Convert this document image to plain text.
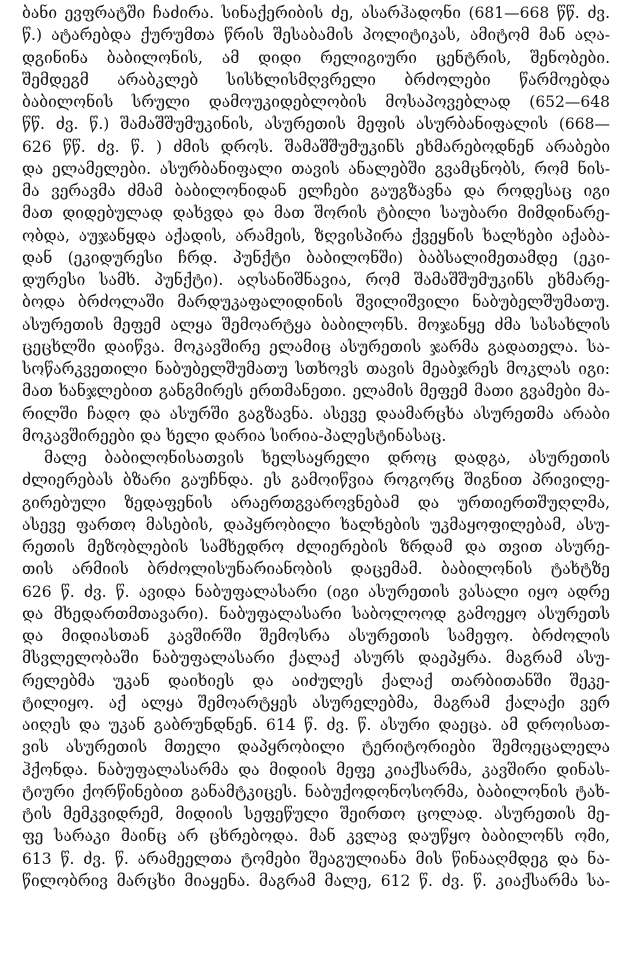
ბანი ევფრატში ჩაძირა. სინაქერიბის ძე, ასარჰადონი (681—668 წწ. ძვ.
წ.) ატარებდა ქურუმთა წრის შესაბამის პოლიტიკას, ამიტომ მან აღა-
დგინინა ბაბილონის, ამ დიდი რელიგიური ცენტრის, შენობები.
შემდეგმ არაბკლებ სისხლისმღვრელი ბრძოლები წარმოებდა
ბაბილონის სრული დამოუკიდებლობის მოსაპოვებლად (652—648
წწ. ძვ. წ.) შამაშშუმუკინის, ასურეთის მეფის ასურბანიფალის (668—
626 წწ. ძვ. წ. ) ძმის დროს. შამაშშუმუკინს ეხმარებოდნენ არაბები
და ელამელები. ასურბანიფალი თავის ანალებში გვამცნობს, რომ ნის-
მა ვერავმა ძმამ ბაბილონიდან ელჩები გაუგზავნა და როდესაც იგი
მათ დიდებულად დახვდა და მათ შორის ტბილი საუბარი მიმდინარე-
ობდა, აუჯანყდა აქადის, არამეის, ზღვისპირა ქვეყნის ხალხები აქაბა-
დან (ეკიდურესი ჩრდ. პუნქტი ბაბილონში) ბაბსალიმეთამდე (ეკი-
დურესი სამხ. პუნქტი). აღსანიშნავია, რომ შამაშშუმუკინს ეხმარე-
ბოდა ბრძოლაში მარდუკაფალიდინის შვილიშვილი ნაბუბელშუმათუ.
ასურეთის მეფემ ალყა შემოარტყა ბაბილონს. მოჯანყე ძმა სასახლის
ცეცხლში დაიწვა. მოკავშირე ელამიც ასურეთის ჯარმა გადათელა. სა-
სოწარკვეთილი ნაბუბელშუმათუ სთხოვს თავის მეაბჯრეს მოკლას იგი:
მათ ხანჯლებით განგმირეს ერთმანეთი. ელამის მეფემ მათი გვამები მა-
რილში ჩადო და ასურში გაგზავნა. ასევე დაამარცხა ასურეთმა არაბი
მოკავშირეები და ხელი დარია სირია-პალესტინასაც.
მალე ბაბილონისათვის ხელსაყრელი დროც დადგა, ასურეთის
ძლიერებას ბზარი გაუჩნდა. ეს გამოიწვია როგორც შიგნით პრივილე-
გირებული ზედაფენის არაერთგვაროვნებამ და ურთიერთშუღლმა,
ასევე ფართო მასების, დაპყრობილი ხალხების უკმაყოფილებამ, ასუ-
რეთის მეზობლების სამხედრო ძლიერების ზრდამ და თვით ასურე-
თის არმიის ბრძოლისუნარიანობის დაცემამ. ბაბილონის ტახტზე
626 წ. ძვ. წ. ავიდა ნაბუფალასარი (იგი ასურეთის ვასალი იყო ადრე
და მხედართმთავარი). ნაბუფალასარი საბოლოოდ გამოეყო ასურეთს
და მიდიასთან კავშირში შემოსრა ასურეთის სამეფო. ბრძოლის
მსვლელობაში ნაბუფალასარი ქალაქ ასურს დაეპყრა. მაგრამ ასუ-
რელებმა უკან დაიხიეს და აიძულეს ქალაქ თარბითანში შეკე-
ტილიყო. აქ ალყა შემოარტყეს ასურელებმა, მაგრამ ქალაქი ვერ
აიღეს და უკან გაბრუნდნენ. 614 წ. ძვ. წ. ასური დაეცა. ამ დროისათ-
ვის ასურეთის მთელი დაპყრობილი ტერიტორიები შემოეცალელა
ჰქონდა. ნაბუფალასარმა და მიდიის მეფე კიაქსარმა, კავშირი დინას-
ტიური ქორწინებით განამტკიცეს. ნაბუქოდონოსორმა, ბაბილონის ტახ-
ტის მემკვიდრემ, მიდიის სეფეწული შეირთო ცოლად. ასურეთის მე-
ფე სარაკი მაინც არ ცხრებოდა. მან კვლავ დაუწყო ბაბილონს ომი,
613 წ. ძვ. წ. არამეელთა ტომები შეაგულიანა მის წინააღმდეგ და ნა-
წილობრივ მარცხი მიაყენა. მაგრამ მალე, 612 წ. ძვ. წ. კიაქსარმა სა-
